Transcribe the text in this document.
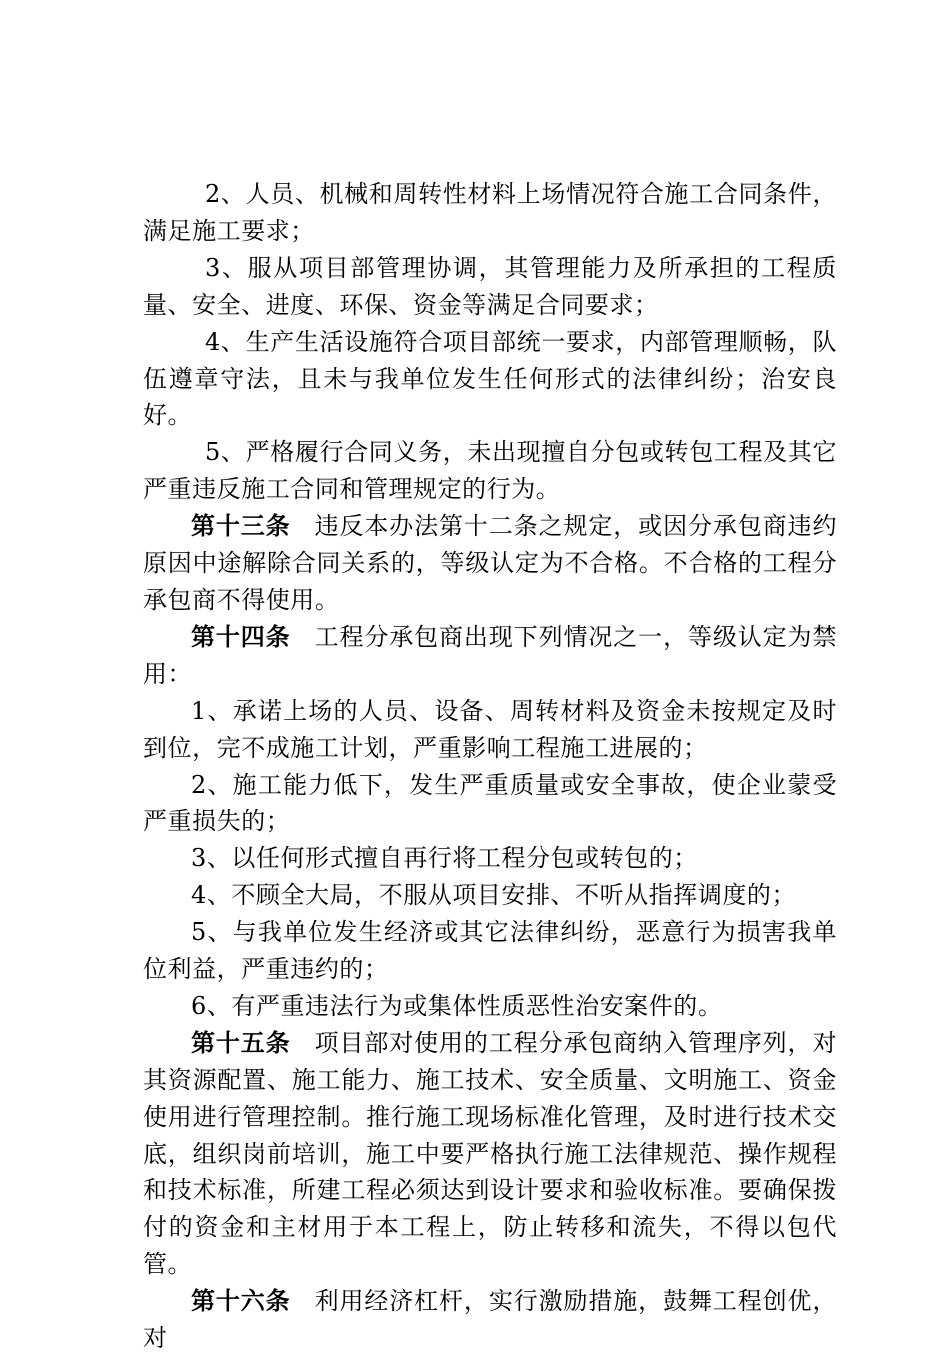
2、人员、机械和周转性材料上场情况符合施工合同条件，满足施工要求；

3、服从项目部管理协调，其管理能力及所承担的工程质量、安全、进度、环保、资金等满足合同要求；

4、生产生活设施符合项目部统一要求，内部管理顺畅，队伍遵章守法，且未与我单位发生任何形式的法律纠纷；治安良好。

5、严格履行合同义务，未出现擅自分包或转包工程及其它严重违反施工合同和管理规定的行为。

第十三条 违反本办法第十二条之规定，或因分承包商违约原因中途解除合同关系的，等级认定为不合格。不合格的工程分承包商不得使用。

第十四条 工程分承包商出现下列情况之一，等级认定为禁用：

1、承诺上场的人员、设备、周转材料及资金未按规定及时到位，完不成施工计划，严重影响工程施工进展的；

2、施工能力低下，发生严重质量或安全事故，使企业蒙受严重损失的；

3、以任何形式擅自再行将工程分包或转包的；

4、不顾全大局，不服从项目安排、不听从指挥调度的；

5、与我单位发生经济或其它法律纠纷，恶意行为损害我单位利益，严重违约的；

6、有严重违法行为或集体性质恶性治安案件的。

第十五条 项目部对使用的工程分承包商纳入管理序列，对其资源配置、施工能力、施工技术、安全质量、文明施工、资金使用进行管理控制。推行施工现场标准化管理，及时进行技术交底，组织岗前培训，施工中要严格执行施工法律规范、操作规程和技术标准，所建工程必须达到设计要求和验收标准。要确保拨付的资金和主材用于本工程上，防止转移和流失，不得以包代管。

第十六条 利用经济杠杆，实行激励措施，鼓舞工程创优，对
